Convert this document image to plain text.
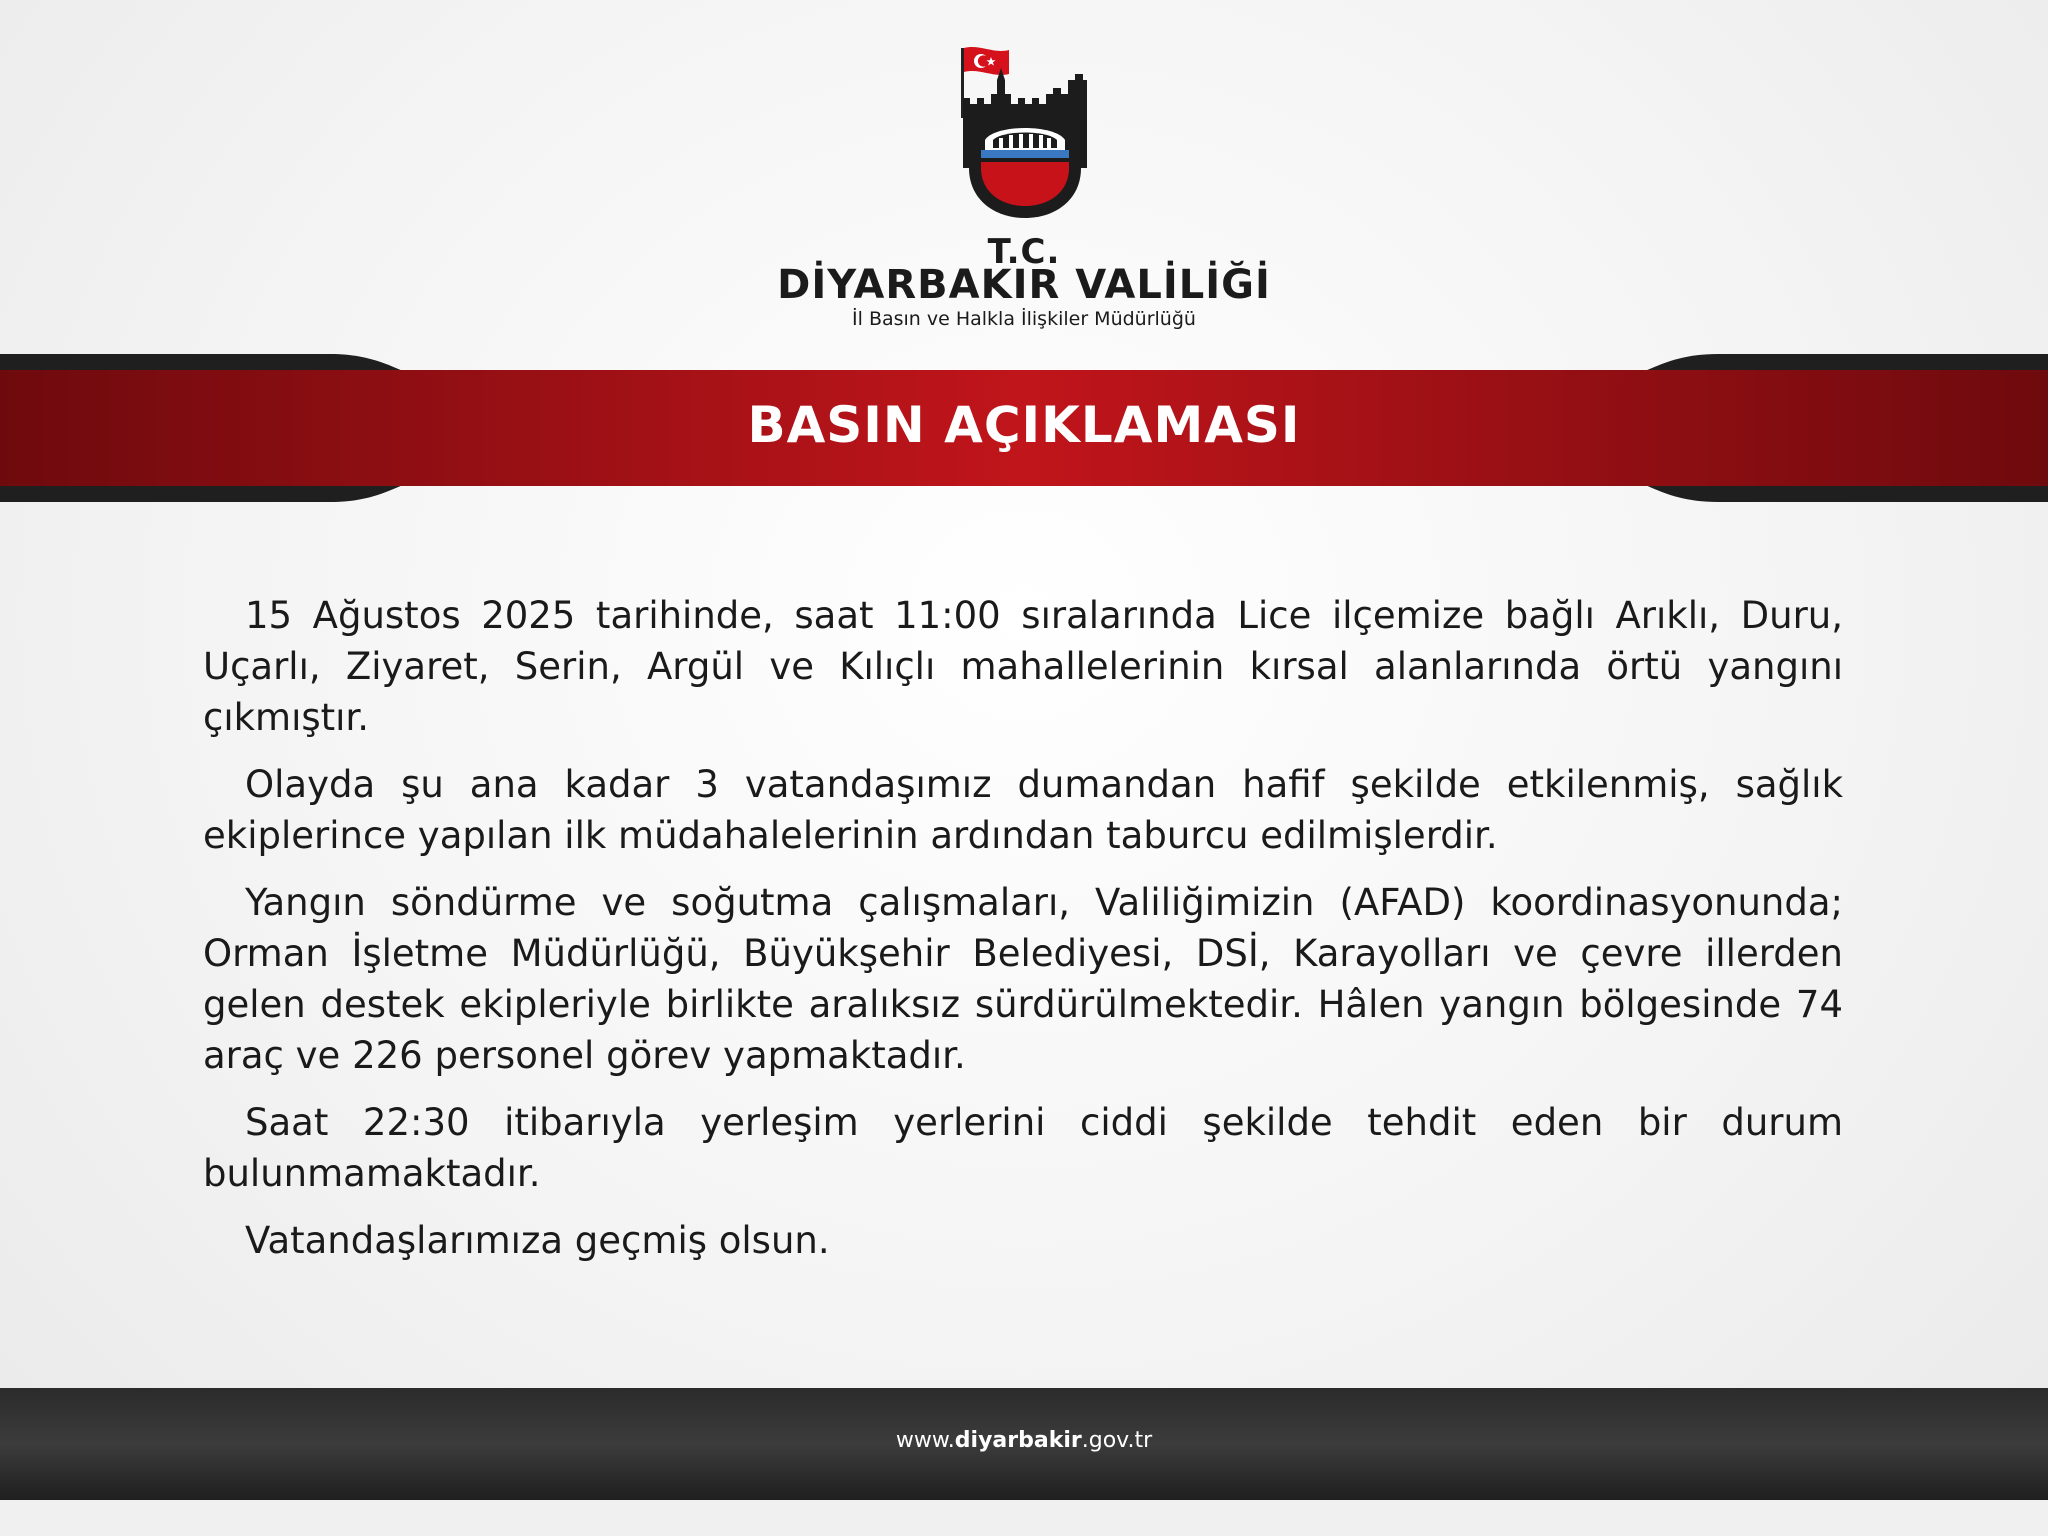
T.C.
DİYARBAKIR VALİLİĞİ
İl Basın ve Halkla İlişkiler Müdürlüğü
BASIN AÇIKLAMASI

15 Ağustos 2025 tarihinde, saat 11:00 sıralarında Lice ilçemize bağlı Arıklı, Duru, Uçarlı, Ziyaret, Serin, Argül ve Kılıçlı mahallelerinin kırsal alanlarında örtü yangını çıkmıştır.

Olayda şu ana kadar 3 vatandaşımız dumandan hafif şekilde etkilenmiş, sağlık ekiplerince yapılan ilk müdahalelerinin ardından taburcu edilmişlerdir.

Yangın söndürme ve soğutma çalışmaları, Valiliğimizin (AFAD) koordinasyonunda; Orman İşletme Müdürlüğü, Büyükşehir Belediyesi, DSİ, Karayolları ve çevre illerden gelen destek ekipleriyle birlikte aralıksız sürdürülmektedir. Hâlen yangın bölgesinde 74 araç ve 226 personel görev yapmaktadır.

Saat 22:30 itibarıyla yerleşim yerlerini ciddi şekilde tehdit eden bir durum bulunmamaktadır.

Vatandaşlarımıza geçmiş olsun.

www.diyarbakir.gov.tr
